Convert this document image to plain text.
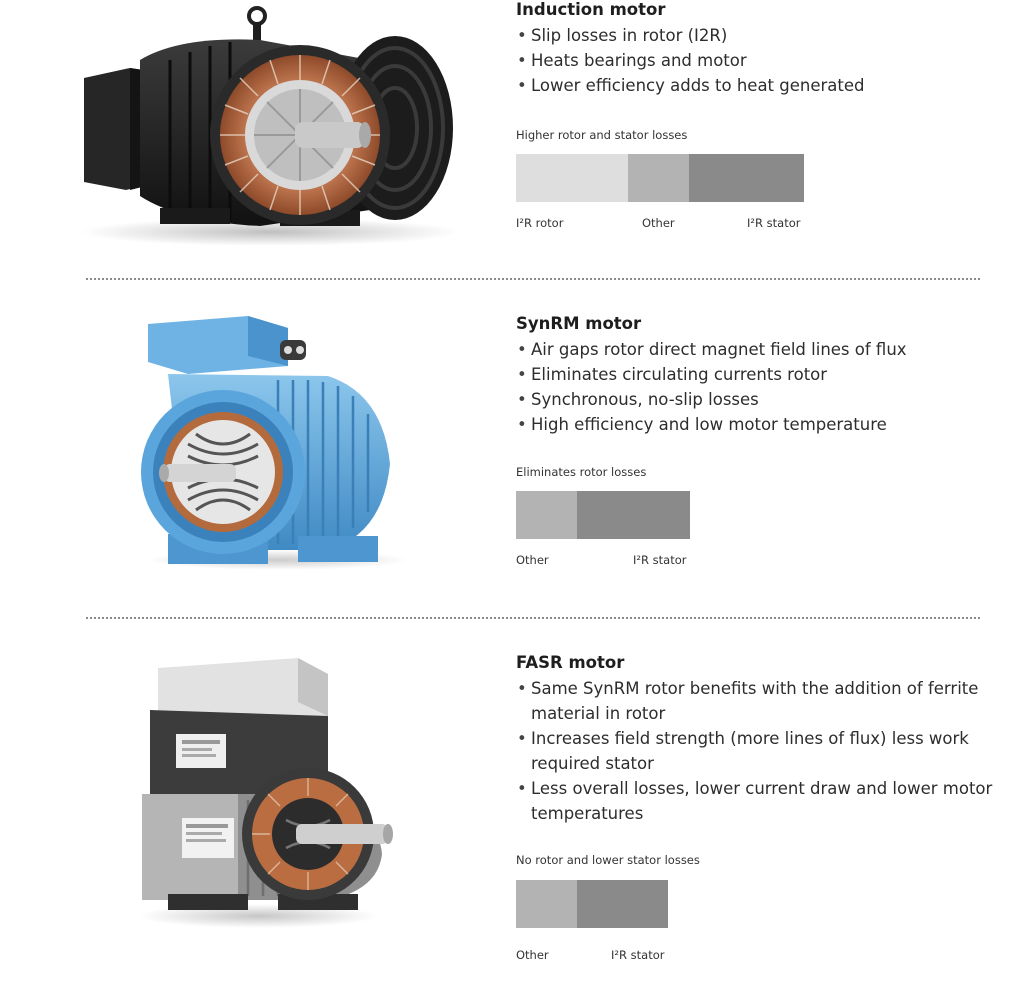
Induction motor
• Slip losses in rotor (I2R)
• Heats bearings and motor
• Lower efficiency adds to heat generated
Higher rotor and stator losses
I²R rotor	Other	I²R stator
SynRM motor
• Air gaps rotor direct magnet field lines of flux
• Eliminates circulating currents rotor
• Synchronous, no-slip losses
• High efficiency and low motor temperature
Eliminates rotor losses
Other	I²R stator
FASR motor
• Same SynRM rotor benefits with the addition of ferrite material in rotor
• Increases field strength (more lines of flux) less work required stator
• Less overall losses, lower current draw and lower motor temperatures
No rotor and lower stator losses
Other	I²R stator
